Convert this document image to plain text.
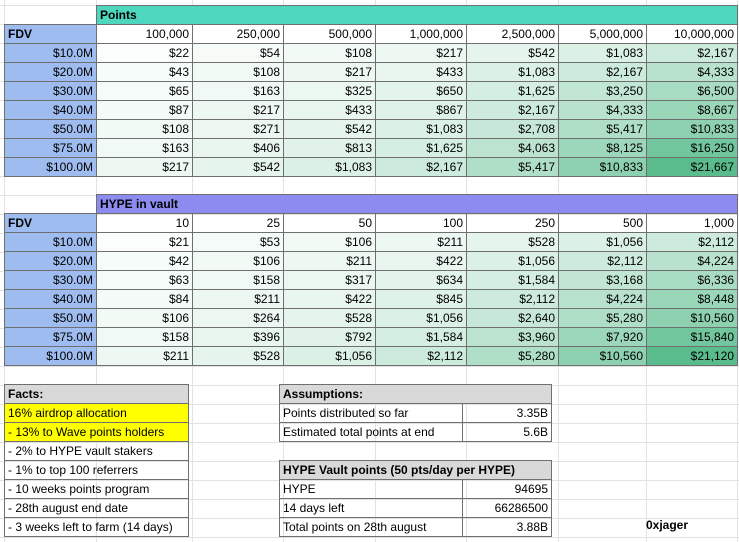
	Points						
FDV	100,000	250,000	500,000	1,000,000	2,500,000	5,000,000	10,000,000
$10.0M	$22	$54	$108	$217	$542	$1,083	$2,167
$20.0M	$43	$108	$217	$433	$1,083	$2,167	$4,333
$30.0M	$65	$163	$325	$650	$1,625	$3,250	$6,500
$40.0M	$87	$217	$433	$867	$2,167	$4,333	$8,667
$50.0M	$108	$271	$542	$1,083	$2,708	$5,417	$10,833
$75.0M	$163	$406	$813	$1,625	$4,063	$8,125	$16,250
$100.0M	$217	$542	$1,083	$2,167	$5,417	$10,833	$21,667
	HYPE in vault						
FDV	10	25	50	100	250	500	1,000
$10.0M	$21	$53	$106	$211	$528	$1,056	$2,112
$20.0M	$42	$106	$211	$422	$1,056	$2,112	$4,224
$30.0M	$63	$158	$317	$634	$1,584	$3,168	$6,336
$40.0M	$84	$211	$422	$845	$2,112	$4,224	$8,448
$50.0M	$106	$264	$528	$1,056	$2,640	$5,280	$10,560
$75.0M	$158	$396	$792	$1,584	$3,960	$7,920	$15,840
$100.0M	$211	$528	$1,056	$2,112	$5,280	$10,560	$21,120
Facts:
16% airdrop allocation
- 13% to Wave points holders
- 2% to HYPE vault stakers
- 1% to top 100 referrers
- 10 weeks points program
- 28th august end date
- 3 weeks left to farm (14 days)
Assumptions:	
Points distributed so far	3.35B
Estimated total points at end	5.6B
HYPE Vault points (50 pts/day per HYPE)	
HYPE	94695
14 days left	66286500
Total points on 28th august	3.88B	0xjager
